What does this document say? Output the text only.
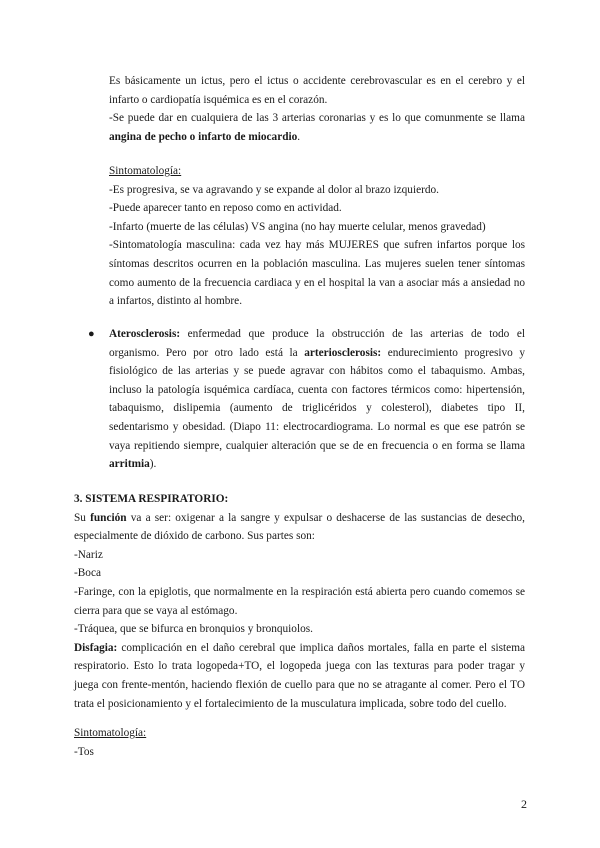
Es básicamente un ictus, pero el ictus o accidente cerebrovascular es en el cerebro y el infarto o cardiopatía isquémica es en el corazón.

-Se puede dar en cualquiera de las 3 arterias coronarias y es lo que comunmente se llama angina de pecho o infarto de miocardio.

Sintomatología:

-Es progresiva, se va agravando y se expande al dolor al brazo izquierdo.

-Puede aparecer tanto en reposo como en actividad.

-Infarto (muerte de las células) VS angina (no hay muerte celular, menos gravedad)

-Sintomatología masculina: cada vez hay más MUJERES que sufren infartos porque los síntomas descritos ocurren en la población masculina. Las mujeres suelen tener síntomas como aumento de la frecuencia cardiaca y en el hospital la van a asociar más a ansiedad no a infartos, distinto al hombre.

● Aterosclerosis: enfermedad que produce la obstrucción de las arterias de todo el organismo. Pero por otro lado está la arteriosclerosis: endurecimiento progresivo y fisiológico de las arterias y se puede agravar con hábitos como el tabaquismo. Ambas, incluso la patología isquémica cardíaca, cuenta con factores térmicos como: hipertensión, tabaquismo, dislipemia (aumento de triglicéridos y colesterol), diabetes tipo II, sedentarismo y obesidad. (Diapo 11: electrocardiograma. Lo normal es que ese patrón se vaya repitiendo siempre, cualquier alteración que se de en frecuencia o en forma se llama arritmia).

3. SISTEMA RESPIRATORIO:

Su función va a ser: oxigenar a la sangre y expulsar o deshacerse de las sustancias de desecho, especialmente de dióxido de carbono. Sus partes son:

-Nariz

-Boca

-Faringe, con la epiglotis, que normalmente en la respiración está abierta pero cuando comemos se cierra para que se vaya al estómago.

-Tráquea, que se bifurca en bronquios y bronquiolos.

Disfagia: complicación en el daño cerebral que implica daños mortales, falla en parte el sistema respiratorio. Esto lo trata logopeda+TO, el logopeda juega con las texturas para poder tragar y juega con frente-mentón, haciendo flexión de cuello para que no se atragante al comer. Pero el TO trata el posicionamiento y el fortalecimiento de la musculatura implicada, sobre todo del cuello.

Sintomatología:

-Tos

2
